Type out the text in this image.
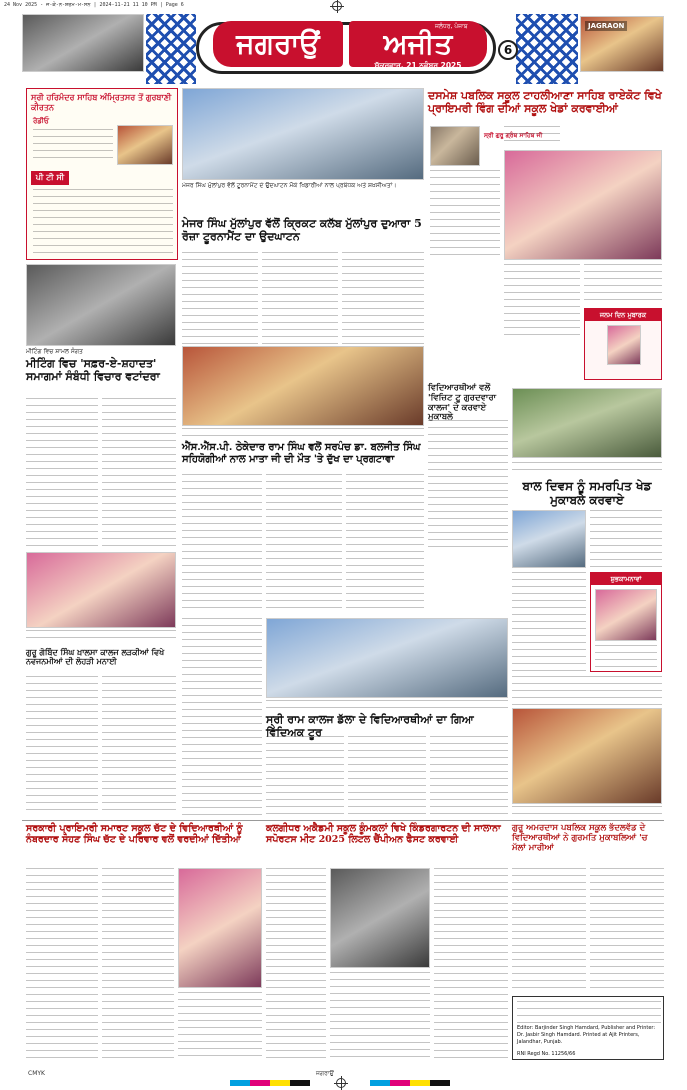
24 Nov 2025 - ਜ-ਕੇ-ਨ-ਸ਼ਰਮ-ਮ-ਸਨ | 2024-11-21 11 10 PM | Page 6
ਜਗਰਾਉਂ	ਅਜੀਤ
ਜਲੰਧਰ, ਪੰਜਾਬ
ਸ਼ੁੱਕਰਵਾਰ, 21 ਨਵੰਬਰ 2025
6
JAGRAON
ਸ੍ਰੀ ਹਰਿਮੰਦਰ ਸਾਹਿਬ ਅੰਮ੍ਰਿਤਸਰ ਤੋਂ ਗੁਰਬਾਣੀ ਕੀਰਤਨ
ਰੇਡੀਓ
ਪੀ ਟੀ ਸੀ
ਮੇਜਰ ਸਿੰਘ ਮੁੱਲਾਂਪੁਰ ਵੱਲੋਂ ਟੂਰਨਾਮੈਂਟ ਦੇ ਉਦਘਾਟਨ ਮੌਕੇ ਖਿਡਾਰੀਆਂ ਨਾਲ ਪ੍ਰਬੰਧਕ ਅਤੇ ਸ਼ਖ਼ਸੀਅਤਾਂ।
ਮੇਜਰ ਸਿੰਘ ਮੁੱਲਾਂਪੁਰ ਵੱਲੋਂ ਕ੍ਰਿਕਟ ਕਲੱਬ ਮੁੱਲਾਂਪੁਰ ਦੁਆਰਾ 5 ਰੋਜ਼ਾ ਟੂਰਨਾਮੈਂਟ ਦਾ ਉਦਘਾਟਨ
ਦਸਮੇਸ਼ ਪਬਲਿਕ ਸਕੂਲ ਟਾਹਲੀਆਣਾ ਸਾਹਿਬ ਰਾਏਕੋਟ ਵਿਖੇ ਪ੍ਰਾਇਮਰੀ ਵਿੰਗ ਦੀਆਂ ਸਕੂਲ ਖੇਡਾਂ ਕਰਵਾਈਆਂ
ਸ੍ਰੀ ਗੁਰੂ ਗ੍ਰੰਥ ਸਾਹਿਬ ਜੀ
ਜਨਮ ਦਿਨ ਮੁਬਾਰਕ
ਮੀਟਿੰਗ ਵਿਚ ਸ਼ਾਮਲ ਸੰਗਤ
ਮੀਟਿੰਗ ਵਿਚ 'ਸਫ਼ਰ-ਏ-ਸ਼ਹਾਦਤ' ਸਮਾਗਮਾਂ ਸੰਬੰਧੀ ਵਿਚਾਰ ਵਟਾਂਦਰਾ
ਐੱਸ.ਐੱਸ.ਪੀ. ਠੇਕੇਦਾਰ ਰਾਮ ਸਿੰਘ ਵਲੋਂ ਸਰਪੰਚ ਡਾ. ਬਲਜੀਤ ਸਿੰਘ ਸਹਿਯੋਗੀਆਂ ਨਾਲ ਮਾਤਾ ਜੀ ਦੀ ਮੌਤ 'ਤੇ ਦੁੱਖ ਦਾ ਪ੍ਰਗਟਾਵਾ
ਵਿਦਿਆਰਥੀਆਂ ਵਲੋਂ 'ਵਿਜ਼ਿਟ ਟੂ ਗੁਰਦਵਾਰਾ ਕਾਲਜ' ਦੇ ਕਰਵਾਏ ਮੁਕਾਬਲੇ
ਬਾਲ ਦਿਵਸ ਨੂੰ ਸਮਰਪਿਤ ਖੇਡ ਮੁਕਾਬਲੇ ਕਰਵਾਏ
ਸ਼ੁਭਕਾਮਨਾਵਾਂ
ਗੁਰੂ ਗੋਬਿੰਦ ਸਿੰਘ ਖ਼ਾਲਸਾ ਕਾਲਜ ਲੜਕੀਆਂ ਵਿਖੇ ਨਵਜਨਮੀਆਂ ਦੀ ਲੋਹੜੀ ਮਨਾਈ
ਸ੍ਰੀ ਰਾਮ ਕਾਲਜ ਡੱਲਾ ਦੇ ਵਿਦਿਆਰਥੀਆਂ ਦਾ ਗਿਆ ਵਿੱਦਿਅਕ ਟੂਰ
ਸਰਕਾਰੀ ਪ੍ਰਾਇਮਰੀ ਸਮਾਰਟ ਸਕੂਲ ਚੱਟ ਦੇ ਵਿਦਿਆਰਥੀਆਂ ਨੂੰ ਨੰਬਰਦਾਰ ਸੋਹਣ ਸਿੰਘ ਚੱਟ ਦੇ ਪਰਿਵਾਰ ਵਲੋਂ ਵਰਦੀਆਂ ਦਿੱਤੀਆਂ
ਕਲਗੀਧਰ ਅਕੈਡਮੀ ਸਕੂਲ ਕੂੰਮਕਲਾਂ ਵਿਖੇ ਕਿੰਡਰਗਾਰਟਨ ਦੀ ਸਾਲਾਨਾ ਸਪੋਰਟਸ ਮੀਟ 2025 ਲਿਟਲ ਚੈਂਪੀਅਨ ਫੈਸਟ ਕਰਵਾਈ
ਗੁਰੂ ਅਮਰਦਾਸ ਪਬਲਿਕ ਸਕੂਲ ਭੱਦਲਵੱਡ ਦੇ ਵਿਦਿਆਰਥੀਆਂ ਨੇ ਗੁਰਮਤਿ ਮੁਕਾਬਲਿਆਂ 'ਚ ਮੱਲਾਂ ਮਾਰੀਆਂ
Editor: Barjinder Singh Hamdard, Publisher and Printer: Dr. Jasbir Singh Hamdard. Printed at Ajit Printers, Jalandhar, Punjab.
RNI Regd No. 11256/66
CMYK	ਜਗਰਾਉਂ
